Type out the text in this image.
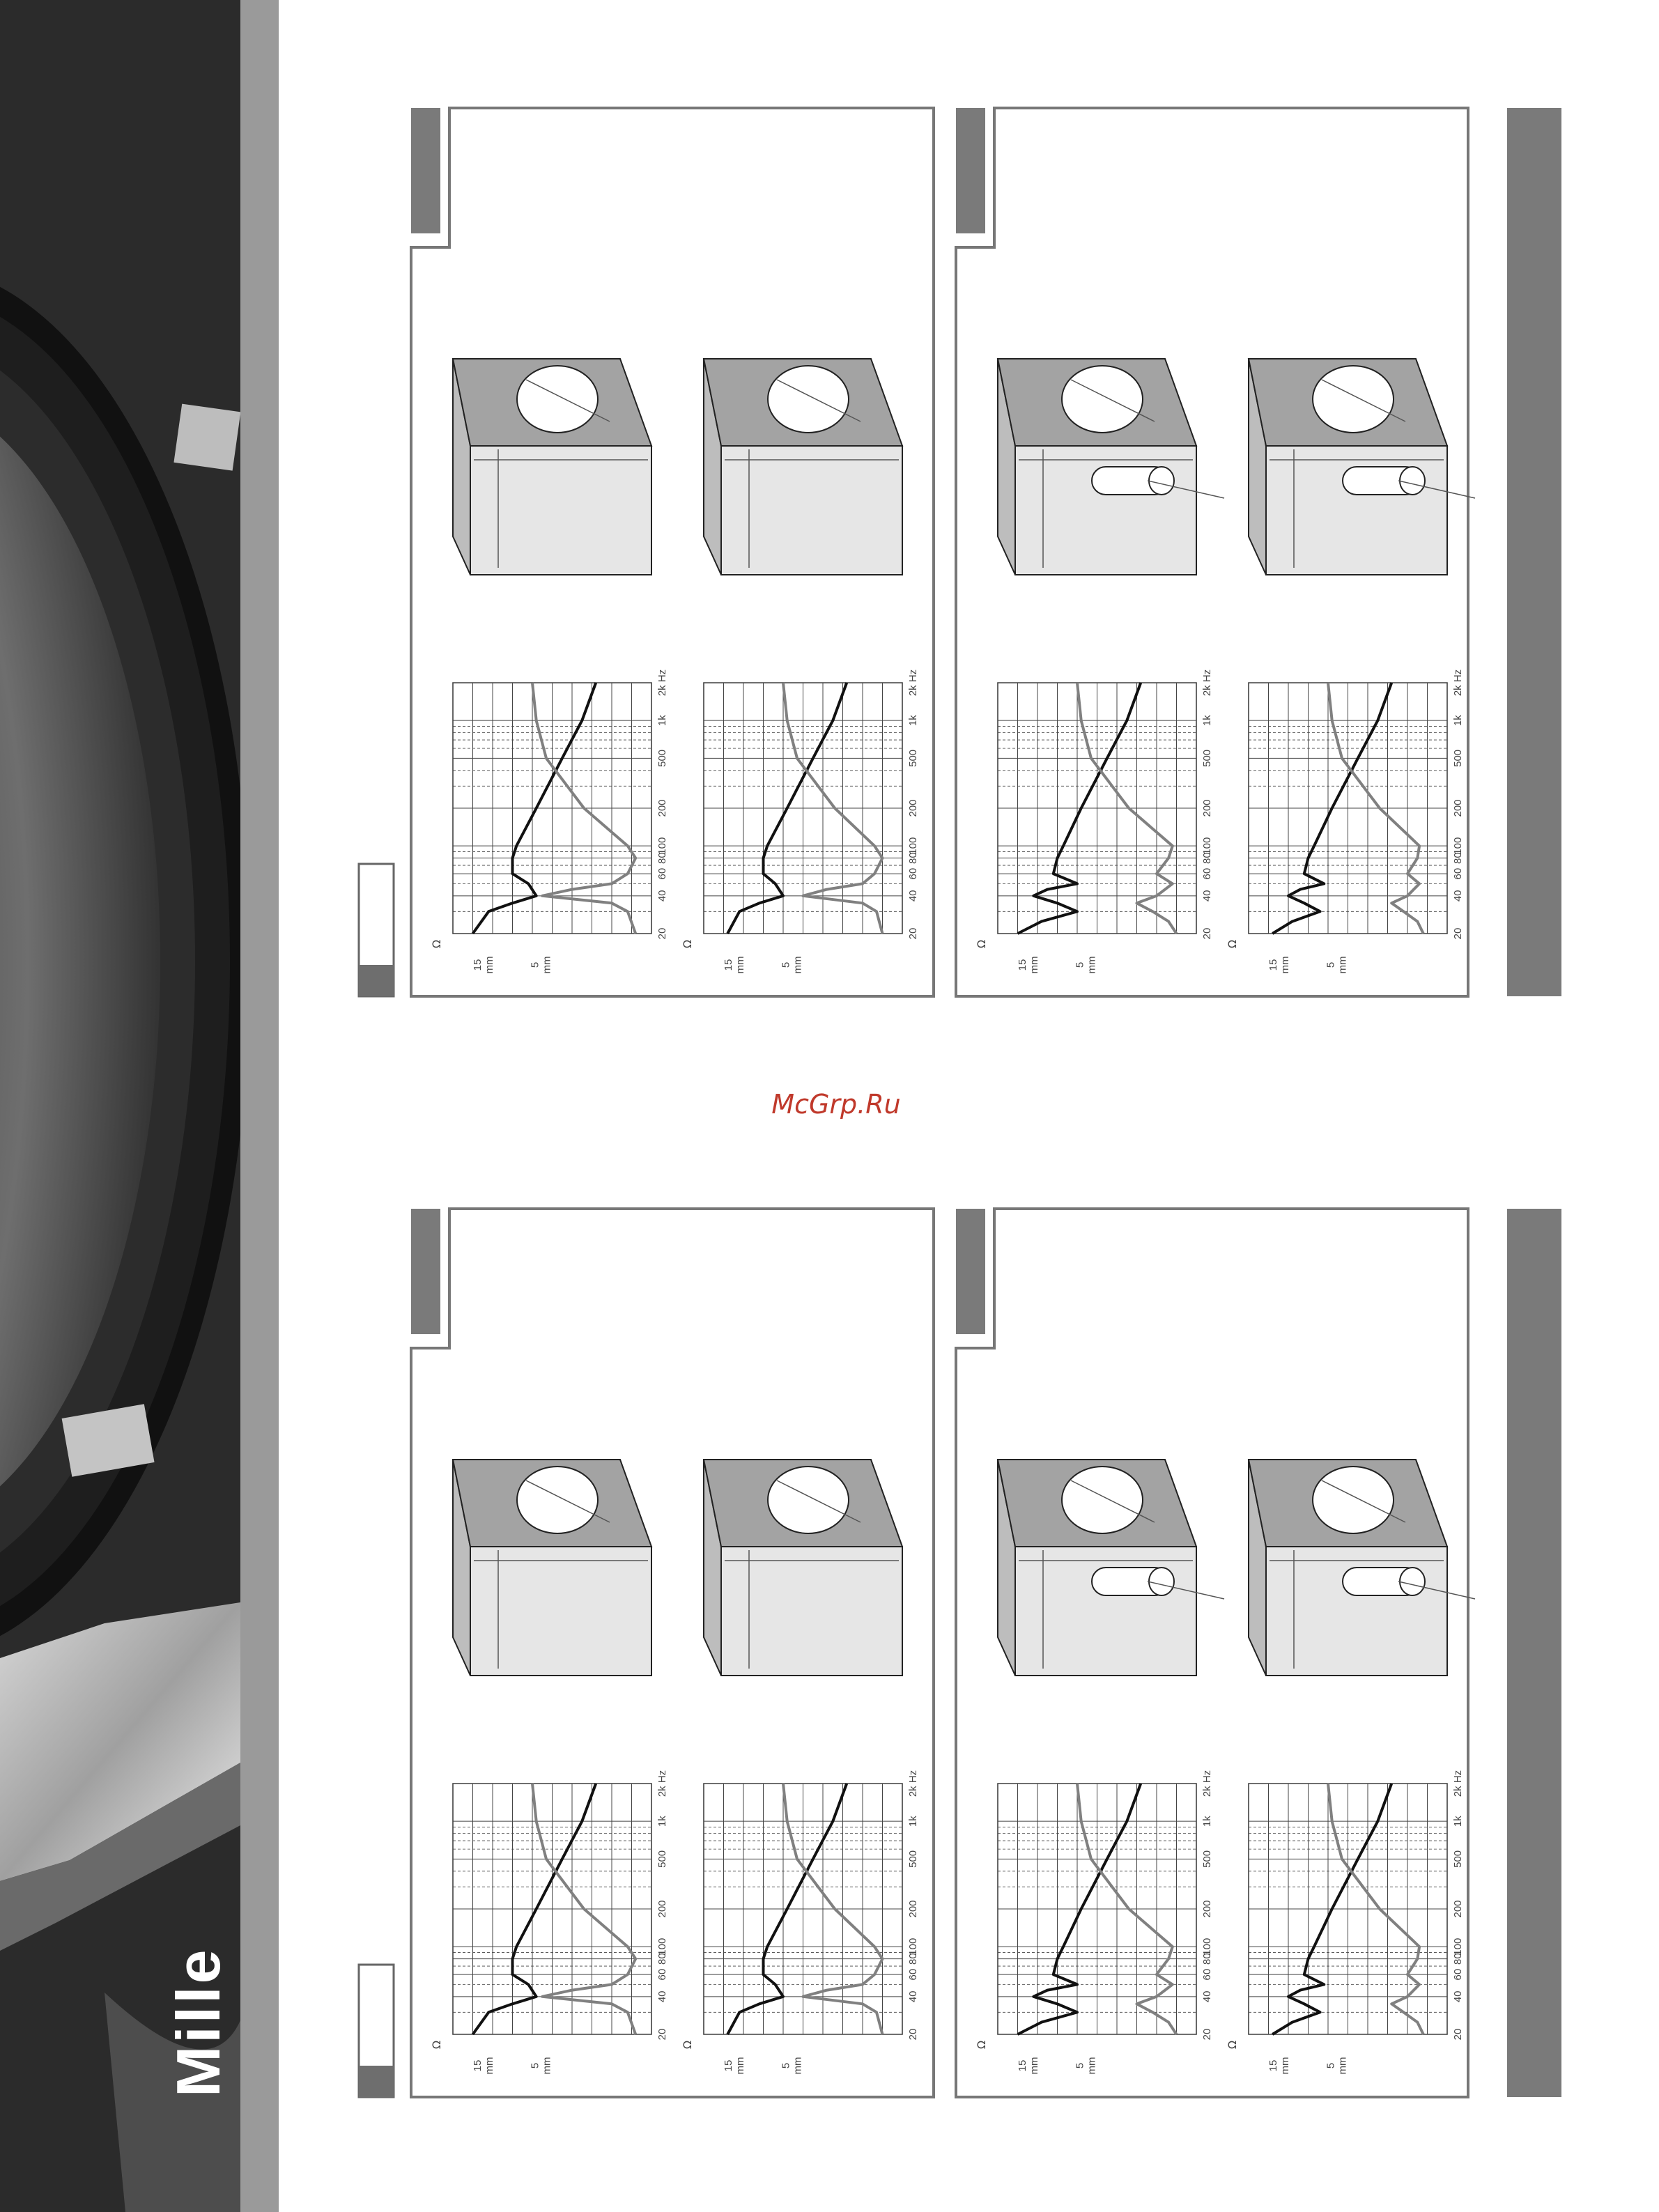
Mille
20
40
60
80
100
200
500
1k
2k Hz
Ω
15 mm	5 mm
20
40
60
80
100
200
500
1k
2k Hz
Ω
15 mm	5 mm
20
40
60
80
100
200
500
1k
2k Hz
Ω
15 mm	5 mm
20
40
60
80
100
200
500
1k
2k Hz
Ω
15 mm	5 mm
20
40
60
80
100
200
500
1k
2k Hz
Ω
15 mm	5 mm
20
40
60
80
100
200
500
1k
2k Hz
Ω
15 mm	5 mm
20
40
60
80
100
200
500
1k
2k Hz
Ω
15 mm	5 mm
20
40
60
80
100
200
500
1k
2k Hz
Ω
15 mm	5 mm
McGrp.Ru
